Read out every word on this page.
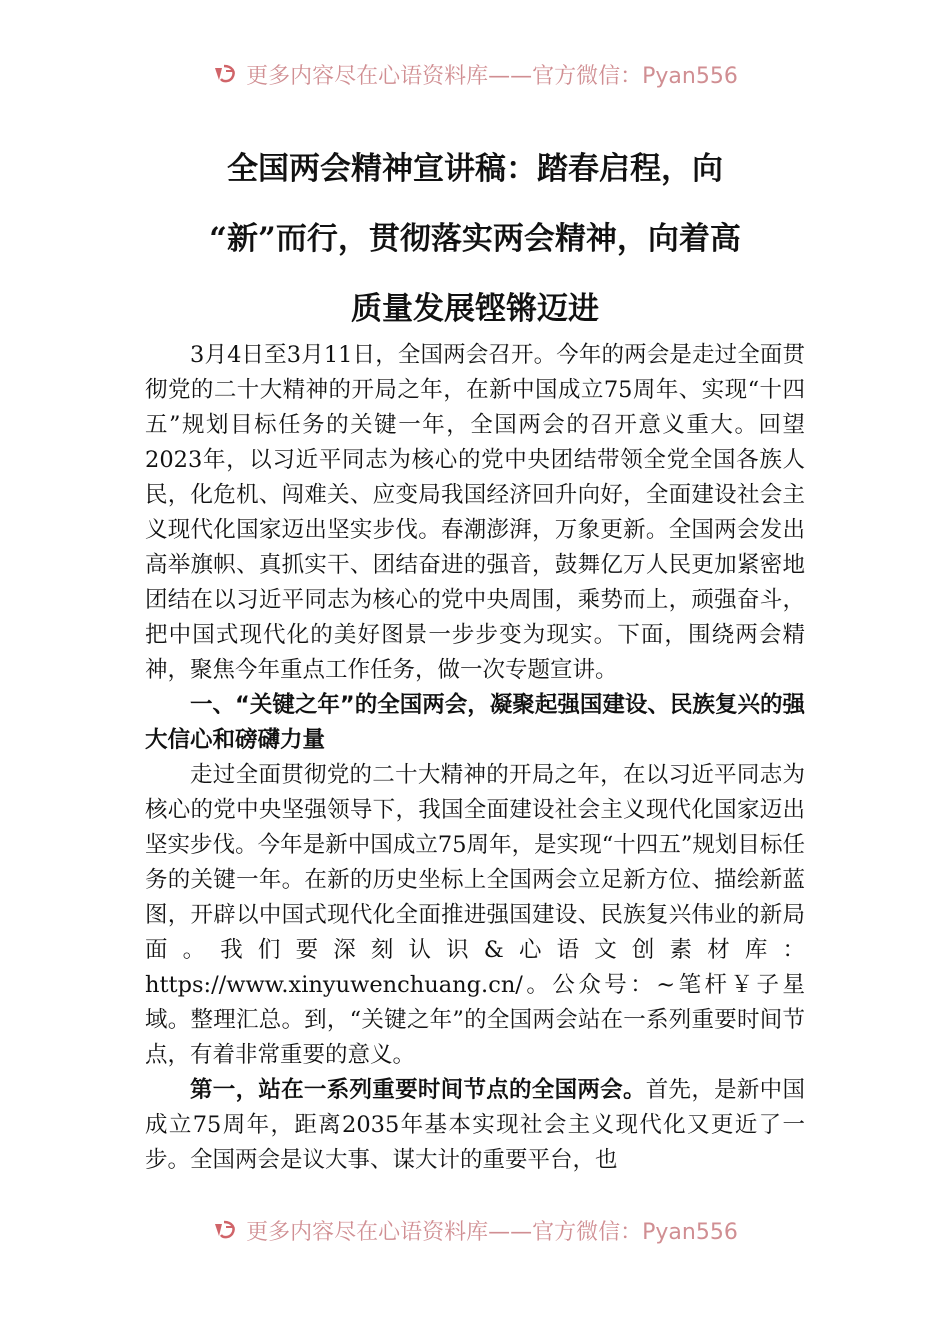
更多内容尽在心语资料库——官方微信：Pyan556
全国两会精神宣讲稿：踏春启程，向
“新”而行，贯彻落实两会精神，向着高
质量发展铿锵迈进

3月4日至3月11日，全国两会召开。今年的两会是走过全面贯彻党的二十大精神的开局之年，在新中国成立75周年、实现“十四五”规划目标任务的关键一年，全国两会的召开意义重大。回望2023年，以习近平同志为核心的党中央团结带领全党全国各族人民，化危机、闯难关、应变局我国经济回升向好，全面建设社会主义现代化国家迈出坚实步伐。春潮澎湃，万象更新。全国两会发出高举旗帜、真抓实干、团结奋进的强音，鼓舞亿万人民更加紧密地团结在以习近平同志为核心的党中央周围，乘势而上，顽强奋斗，把中国式现代化的美好图景一步步变为现实。下面，围绕两会精神，聚焦今年重点工作任务，做一次专题宣讲。

一、“关键之年”的全国两会，凝聚起强国建设、民族复兴的强大信心和磅礴力量

走过全面贯彻党的二十大精神的开局之年，在以习近平同志为核心的党中央坚强领导下，我国全面建设社会主义现代化国家迈出坚实步伐。今年是新中国成立75周年，是实现“十四五”规划目标任务的关键一年。在新的历史坐标上全国两会立足新方位、描绘新蓝图，开辟以中国式现代化全面推进强国建设、民族复兴伟业的新局面。我们要深刻认识&心语文创素材库：https://www.xinyuwenchuang.cn/。公众号：~笔杆￥子星域。整理汇总。到，“关键之年”的全国两会站在一系列重要时间节点，有着非常重要的意义。

第一，站在一系列重要时间节点的全国两会。首先，是新中国成立75周年，距离2035年基本实现社会主义现代化又更近了一步。全国两会是议大事、谋大计的重要平台，也

更多内容尽在心语资料库——官方微信：Pyan556
